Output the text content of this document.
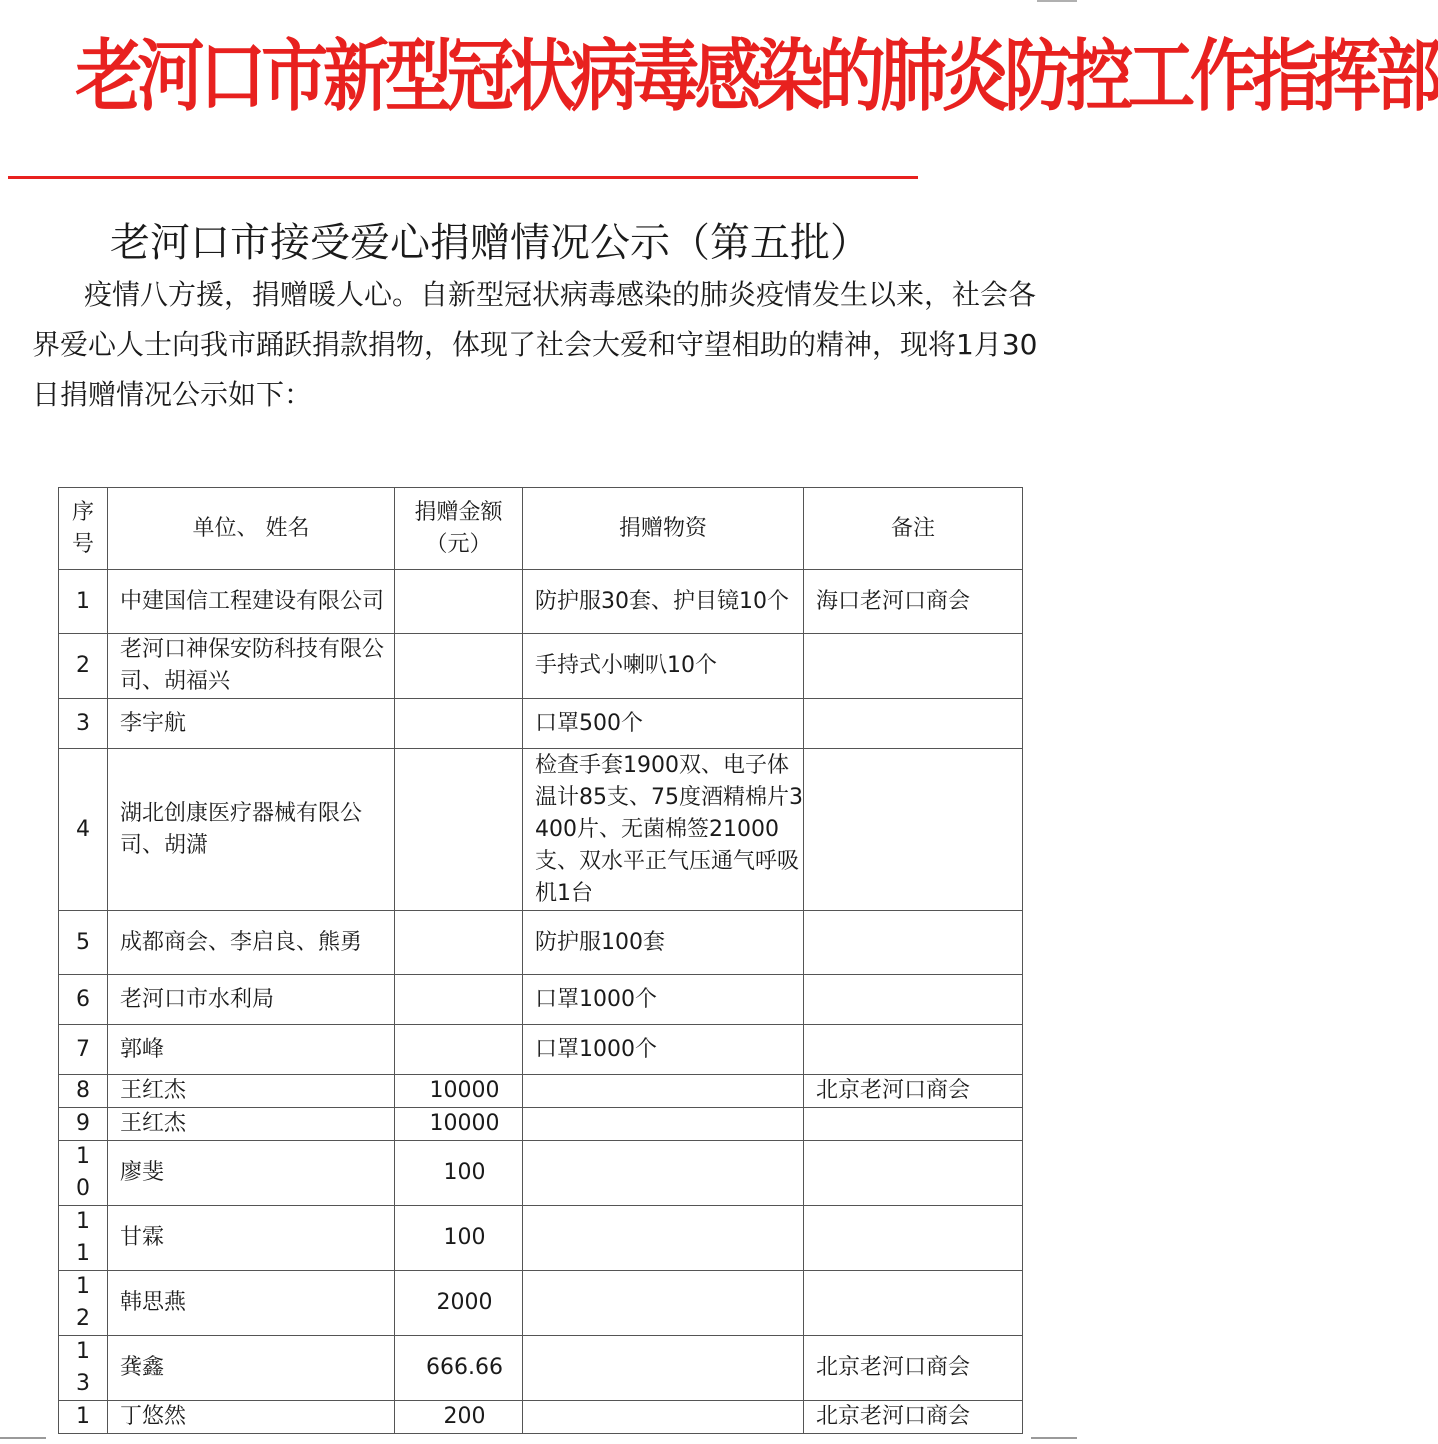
老河口市新型冠状病毒感染的肺炎防控工作指挥部
老河口市接受爱心捐赠情况公示（第五批）
疫情八方援，捐赠暖人心。自新型冠状病毒感染的肺炎疫情发生以来，社会各界爱心人士向我市踊跃捐款捐物，体现了社会大爱和守望相助的精神，现将1月30日捐赠情况公示如下：
序号	单位、 姓名	捐赠金额（元）	捐赠物资	备注
1	中建国信工程建设有限公司		防护服30套、护目镜10个	海口老河口商会
2	老河口神保安防科技有限公司、胡福兴		手持式小喇叭10个	
3	李宇航		口罩500个	
4	湖北创康医疗器械有限公司、胡潇		检查手套1900双、电子体温计85支、75度酒精棉片3400片、无菌棉签21000支、双水平正气压通气呼吸机1台	
5	成都商会、李启良、熊勇		防护服100套	
6	老河口市水利局		口罩1000个	
7	郭峰		口罩1000个	
8	王红杰	10000		北京老河口商会
9	王红杰	10000		
10	廖斐	100		
11	甘霖	100		
12	韩思燕	2000		
13	龚鑫	666.66		北京老河口商会
1	丁悠然	200		北京老河口商会
